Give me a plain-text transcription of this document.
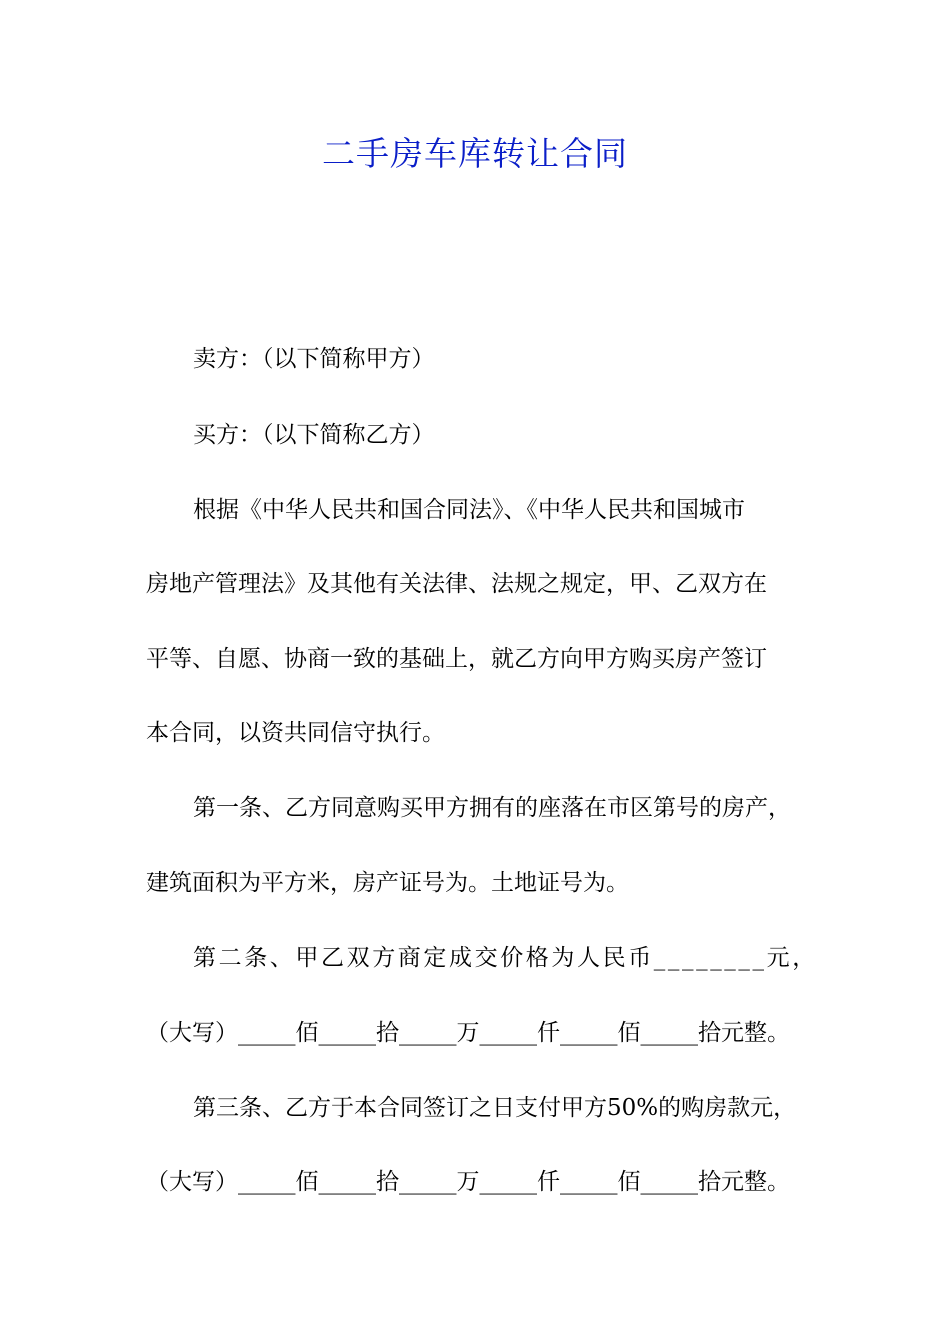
二手房车库转让合同
卖方：（以下简称甲方）
买方：（以下简称乙方）
根据《中华人民共和国合同法》、《中华人民共和国城市
房地产管理法》及其他有关法律、法规之规定，甲、乙双方在
平等、自愿、协商一致的基础上，就乙方向甲方购买房产签订
本合同，以资共同信守执行。
第一条、乙方同意购买甲方拥有的座落在市区第号的房产，
建筑面积为平方米，房产证号为。土地证号为。
第二条、甲乙双方商定成交价格为人民币________元，
（大写）_____佰_____拾_____万_____仟_____佰_____拾元整。
第三条、乙方于本合同签订之日支付甲方50%的购房款元，
（大写）_____佰_____拾_____万_____仟_____佰_____拾元整。
